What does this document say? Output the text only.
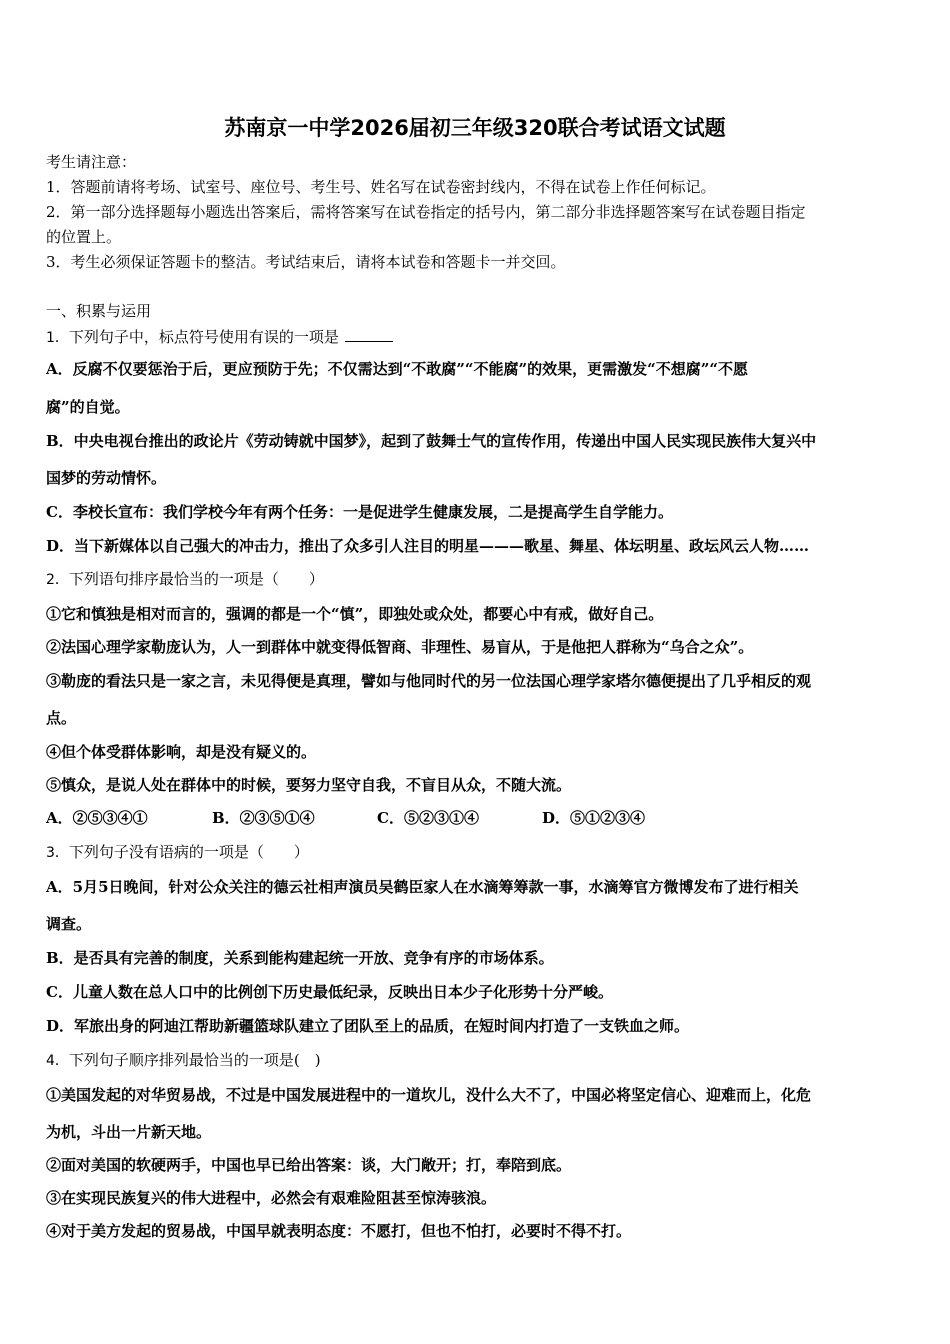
苏南京一中学2026届初三年级320联合考试语文试题
考生请注意：
1．答题前请将考场、试室号、座位号、考生号、姓名写在试卷密封线内，不得在试卷上作任何标记。
2．第一部分选择题每小题选出答案后，需将答案写在试卷指定的括号内，第二部分非选择题答案写在试卷题目指定
的位置上。
3．考生必须保证答题卡的整洁。考试结束后，请将本试卷和答题卡一并交回。
一、积累与运用
1．下列句子中，标点符号使用有误的一项是
A．反腐不仅要惩治于后，更应预防于先；不仅需达到“不敢腐”“不能腐”的效果，更需激发“不想腐”“不愿
腐”的自觉。
B．中央电视台推出的政论片《劳动铸就中国梦》，起到了鼓舞士气的宣传作用，传递出中国人民实现民族伟大复兴中
国梦的劳动情怀。
C．李校长宣布：我们学校今年有两个任务：一是促进学生健康发展，二是提高学生自学能力。
D．当下新媒体以自己强大的冲击力，推出了众多引人注目的明星———歌星、舞星、体坛明星、政坛风云人物……
2．下列语句排序最恰当的一项是（　　）
①它和慎独是相对而言的，强调的都是一个“慎”，即独处或众处，都要心中有戒，做好自己。
②法国心理学家勒庞认为，人一到群体中就变得低智商、非理性、易盲从，于是他把人群称为“乌合之众”。
③勒庞的看法只是一家之言，未见得便是真理，譬如与他同时代的另一位法国心理学家塔尔德便提出了几乎相反的观
点。
④但个体受群体影响，却是没有疑义的。
⑤慎众，是说人处在群体中的时候，要努力坚守自我，不盲目从众，不随大流。
A．②⑤③④①	B．②③⑤①④	C．⑤②③①④	D．⑤①②③④
3．下列句子没有语病的一项是（　　）
A．5月5日晚间，针对公众关注的德云社相声演员吴鹤臣家人在水滴筹筹款一事，水滴筹官方微博发布了进行相关
调查。
B．是否具有完善的制度，关系到能构建起统一开放、竞争有序的市场体系。
C．儿童人数在总人口中的比例创下历史最低纪录，反映出日本少子化形势十分严峻。
D．军旅出身的阿迪江帮助新疆篮球队建立了团队至上的品质，在短时间内打造了一支铁血之师。
4．下列句子顺序排列最恰当的一项是(　)
①美国发起的对华贸易战，不过是中国发展进程中的一道坎儿，没什么大不了，中国必将坚定信心、迎难而上，化危
为机，斗出一片新天地。
②面对美国的软硬两手，中国也早已给出答案：谈，大门敞开；打，奉陪到底。
③在实现民族复兴的伟大进程中，必然会有艰难险阻甚至惊涛骇浪。
④对于美方发起的贸易战，中国早就表明态度：不愿打，但也不怕打，必要时不得不打。
